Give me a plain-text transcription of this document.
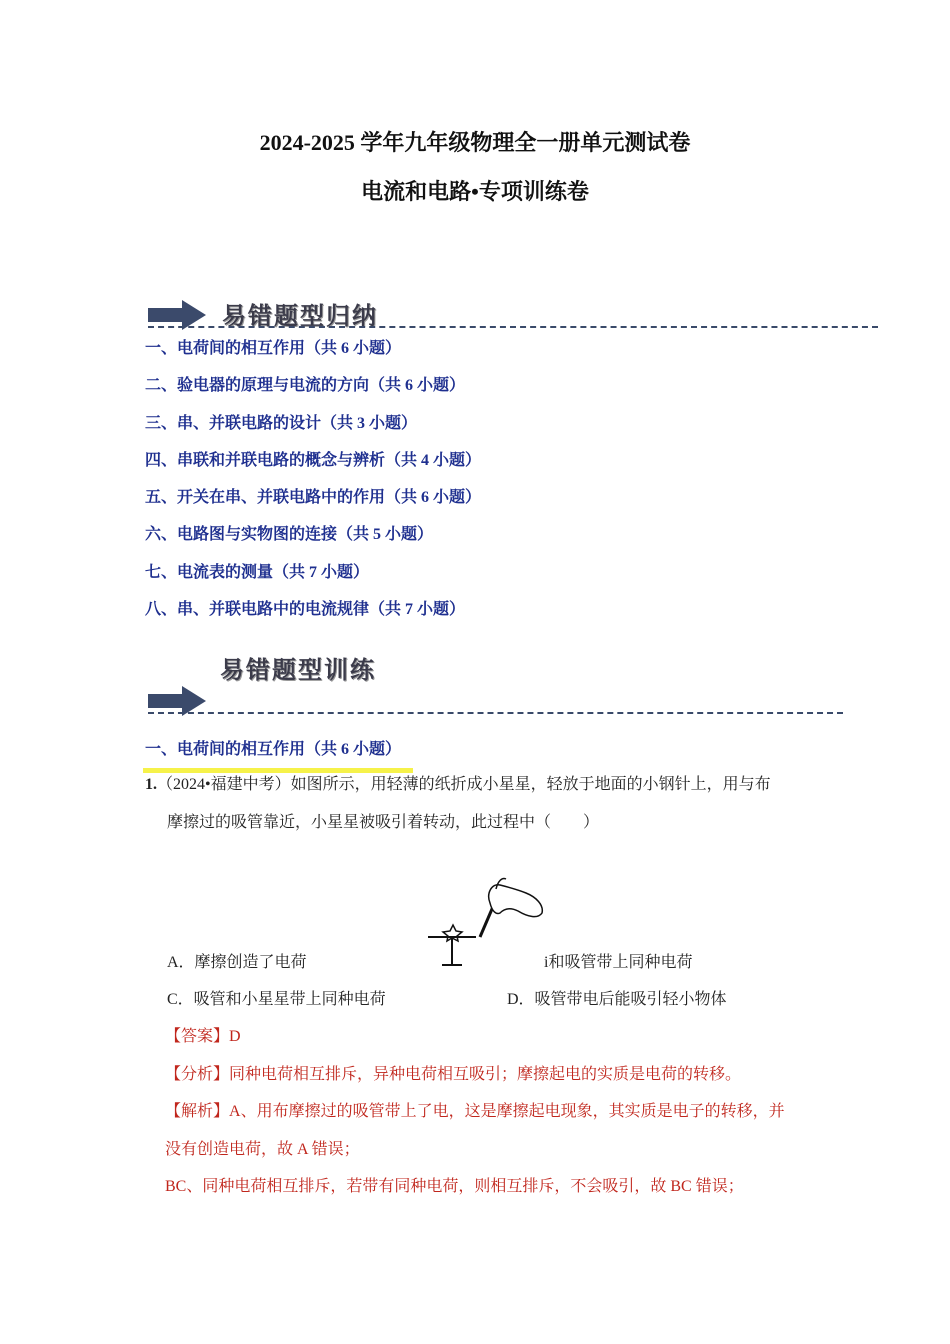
2024-2025 学年九年级物理全一册单元测试卷
电流和电路•专项训练卷
易错题型归纳
一、电荷间的相互作用（共 6 小题）
二、验电器的原理与电流的方向（共 6 小题）
三、串、并联电路的设计（共 3 小题）
四、串联和并联电路的概念与辨析（共 4 小题）
五、开关在串、并联电路中的作用（共 6 小题）
六、电路图与实物图的连接（共 5 小题）
七、电流表的测量（共 7 小题）
八、串、并联电路中的电流规律（共 7 小题）
易错题型训练
一、电荷间的相互作用（共 6 小题）
1.（2024•福建中考）如图所示，用轻薄的纸折成小星星，轻放于地面的小钢针上，用与布
摩擦过的吸管靠近，小星星被吸引着转动，此过程中（　　）
A．摩擦创造了电荷	i和吸管带上同种电荷
C．吸管和小星星带上同种电荷	D．吸管带电后能吸引轻小物体
【答案】D
【分析】同种电荷相互排斥，异种电荷相互吸引；摩擦起电的实质是电荷的转移。
【解析】A、用布摩擦过的吸管带上了电，这是摩擦起电现象，其实质是电子的转移，并
没有创造电荷，故 A 错误；
BC、同种电荷相互排斥，若带有同种电荷，则相互排斥，不会吸引，故 BC 错误；
